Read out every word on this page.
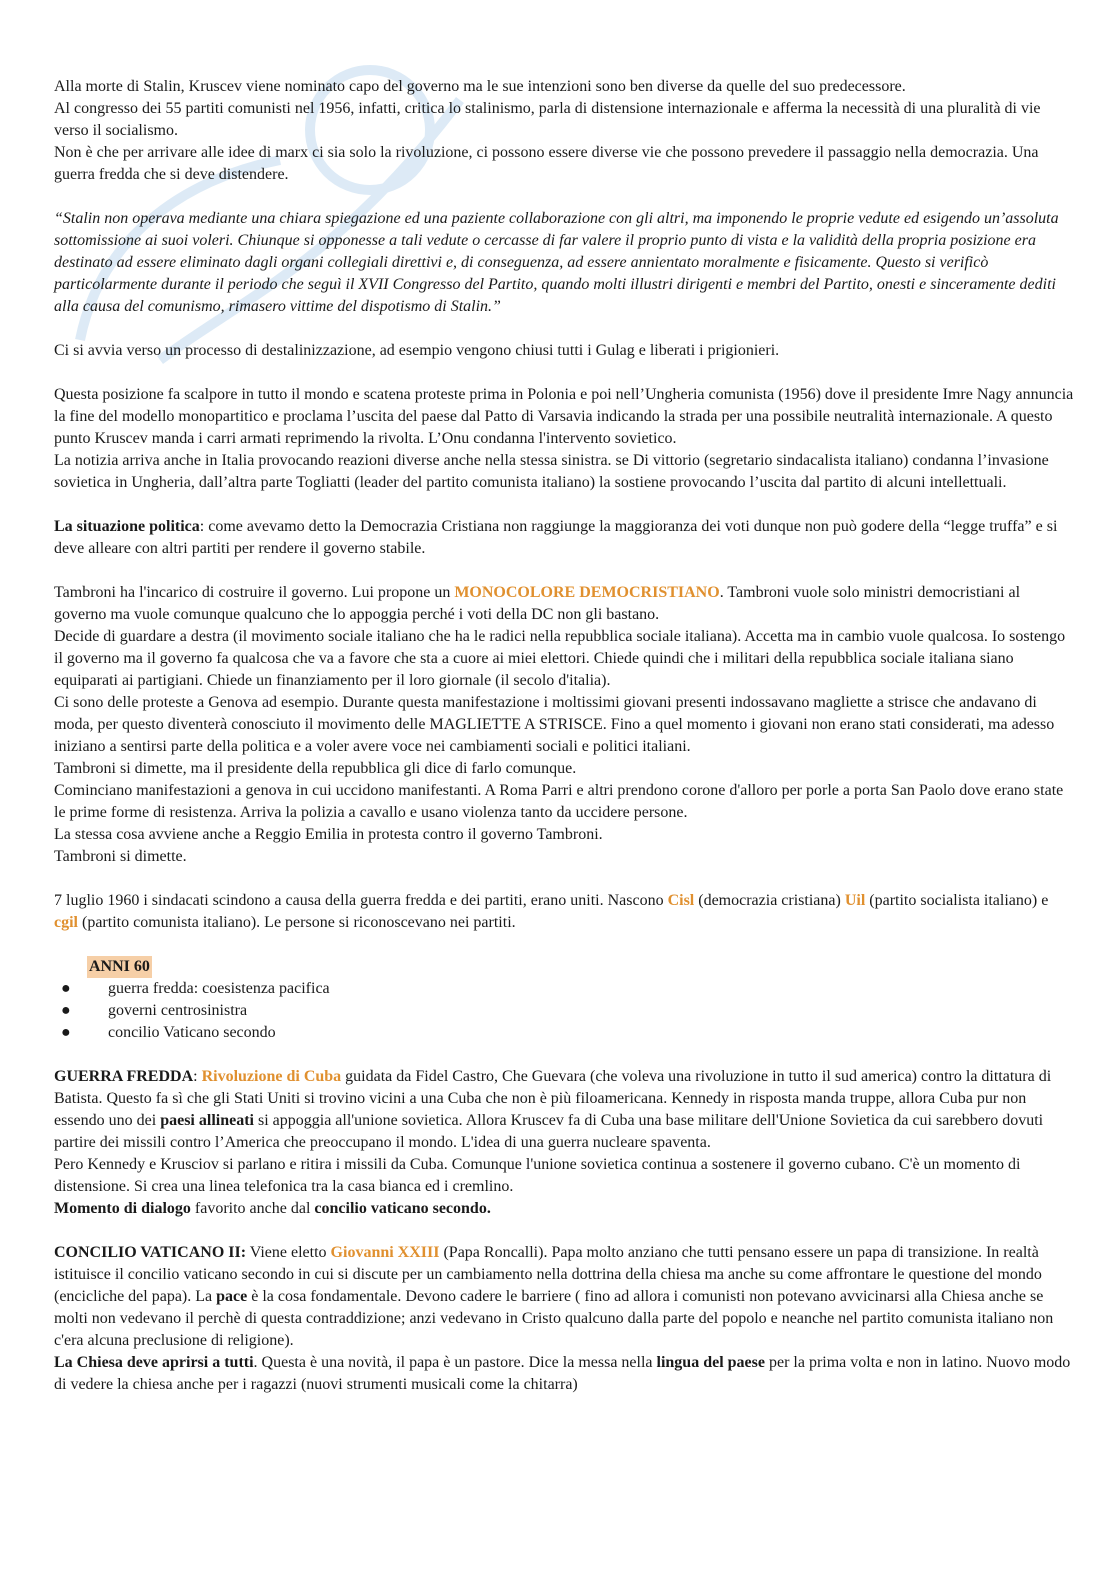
Alla morte di Stalin, Kruscev viene nominato capo del governo ma le sue intenzioni sono ben diverse da quelle del suo predecessore.

Al congresso dei 55 partiti comunisti nel 1956, infatti, critica lo stalinismo, parla di distensione internazionale e afferma la necessità di una pluralità di vie verso il socialismo.

Non è che per arrivare alle idee di marx ci sia solo la rivoluzione, ci possono essere diverse vie che possono prevedere il passaggio nella democrazia. Una guerra fredda che si deve distendere.

“Stalin non operava mediante una chiara spiegazione ed una paziente collaborazione con gli altri, ma imponendo le proprie vedute ed esigendo un’assoluta sottomissione ai suoi voleri. Chiunque si opponesse a tali vedute o cercasse di far valere il proprio punto di vista e la validità della propria posizione era destinato ad essere eliminato dagli organi collegiali direttivi e, di conseguenza, ad essere annientato moralmente e fisicamente. Questo si verificò particolarmente durante il periodo che seguì il XVII Congresso del Partito, quando molti illustri dirigenti e membri del Partito, onesti e sinceramente dediti alla causa del comunismo, rimasero vittime del dispotismo di Stalin.”

Ci si avvia verso un processo di destalinizzazione, ad esempio vengono chiusi tutti i Gulag e liberati i prigionieri.

Questa posizione fa scalpore in tutto il mondo e scatena proteste prima in Polonia e poi nell’Ungheria comunista (1956) dove il presidente Imre Nagy annuncia la fine del modello monopartitico e proclama l’uscita del paese dal Patto di Varsavia indicando la strada per una possibile neutralità internazionale. A questo punto Kruscev manda i carri armati reprimendo la rivolta. L’Onu condanna l'intervento sovietico.

La notizia arriva anche in Italia provocando reazioni diverse anche nella stessa sinistra. se Di vittorio (segretario sindacalista italiano) condanna l’invasione sovietica in Ungheria, dall’altra parte Togliatti (leader del partito comunista italiano) la sostiene provocando l’uscita dal partito di alcuni intellettuali.

La situazione politica: come avevamo detto la Democrazia Cristiana non raggiunge la maggioranza dei voti dunque non può godere della “legge truffa” e si deve alleare con altri partiti per rendere il governo stabile.

Tambroni ha l'incarico di costruire il governo. Lui propone un MONOCOLORE DEMOCRISTIANO. Tambroni vuole solo ministri democristiani al governo ma vuole comunque qualcuno che lo appoggia perché i voti della DC non gli bastano.

Decide di guardare a destra (il movimento sociale italiano che ha le radici nella repubblica sociale italiana). Accetta ma in cambio vuole qualcosa. Io sostengo il governo ma il governo fa qualcosa che va a favore che sta a cuore ai miei elettori. Chiede quindi che i militari della repubblica sociale italiana siano equiparati ai partigiani. Chiede un finanziamento per il loro giornale (il secolo d'italia).

Ci sono delle proteste a Genova ad esempio. Durante questa manifestazione i moltissimi giovani presenti indossavano magliette a strisce che andavano di moda, per questo diventerà conosciuto il movimento delle MAGLIETTE A STRISCE. Fino a quel momento i giovani non erano stati considerati, ma adesso iniziano a sentirsi parte della politica e a voler avere voce nei cambiamenti sociali e politici italiani.

Tambroni si dimette, ma il presidente della repubblica gli dice di farlo comunque.

Cominciano manifestazioni a genova in cui uccidono manifestanti. A Roma Parri e altri prendono corone d'alloro per porle a porta San Paolo dove erano state le prime forme di resistenza. Arriva la polizia a cavallo e usano violenza tanto da uccidere persone.

La stessa cosa avviene anche a Reggio Emilia in protesta contro il governo Tambroni.

Tambroni si dimette.

7 luglio 1960 i sindacati scindono a causa della guerra fredda e dei partiti, erano uniti. Nascono Cisl (democrazia cristiana) Uil (partito socialista italiano) e cgil (partito comunista italiano). Le persone si riconoscevano nei partiti.

ANNI 60
● guerra fredda: coesistenza pacifica
● governi centrosinistra
● concilio Vaticano secondo

GUERRA FREDDA: Rivoluzione di Cuba guidata da Fidel Castro, Che Guevara (che voleva una rivoluzione in tutto il sud america) contro la dittatura di Batista. Questo fa sì che gli Stati Uniti si trovino vicini a una Cuba che non è più filoamericana. Kennedy in risposta manda truppe, allora Cuba pur non essendo uno dei paesi allineati si appoggia all'unione sovietica. Allora Kruscev fa di Cuba una base militare dell'Unione Sovietica da cui sarebbero dovuti partire dei missili contro l’America che preoccupano il mondo. L'idea di una guerra nucleare spaventa.

Pero Kennedy e Krusciov si parlano e ritira i missili da Cuba. Comunque l'unione sovietica continua a sostenere il governo cubano. C'è un momento di distensione. Si crea una linea telefonica tra la casa bianca ed i cremlino.

Momento di dialogo favorito anche dal concilio vaticano secondo.

CONCILIO VATICANO II: Viene eletto Giovanni XXIII (Papa Roncalli). Papa molto anziano che tutti pensano essere un papa di transizione. In realtà istituisce il concilio vaticano secondo in cui si discute per un cambiamento nella dottrina della chiesa ma anche su come affrontare le questione del mondo (encicliche del papa). La pace è la cosa fondamentale. Devono cadere le barriere ( fino ad allora i comunisti non potevano avvicinarsi alla Chiesa anche se molti non vedevano il perchè di questa contraddizione; anzi vedevano in Cristo qualcuno dalla parte del popolo e neanche nel partito comunista italiano non c'era alcuna preclusione di religione).

La Chiesa deve aprirsi a tutti. Questa è una novità, il papa è un pastore. Dice la messa nella lingua del paese per la prima volta e non in latino. Nuovo modo di vedere la chiesa anche per i ragazzi (nuovi strumenti musicali come la chitarra)
